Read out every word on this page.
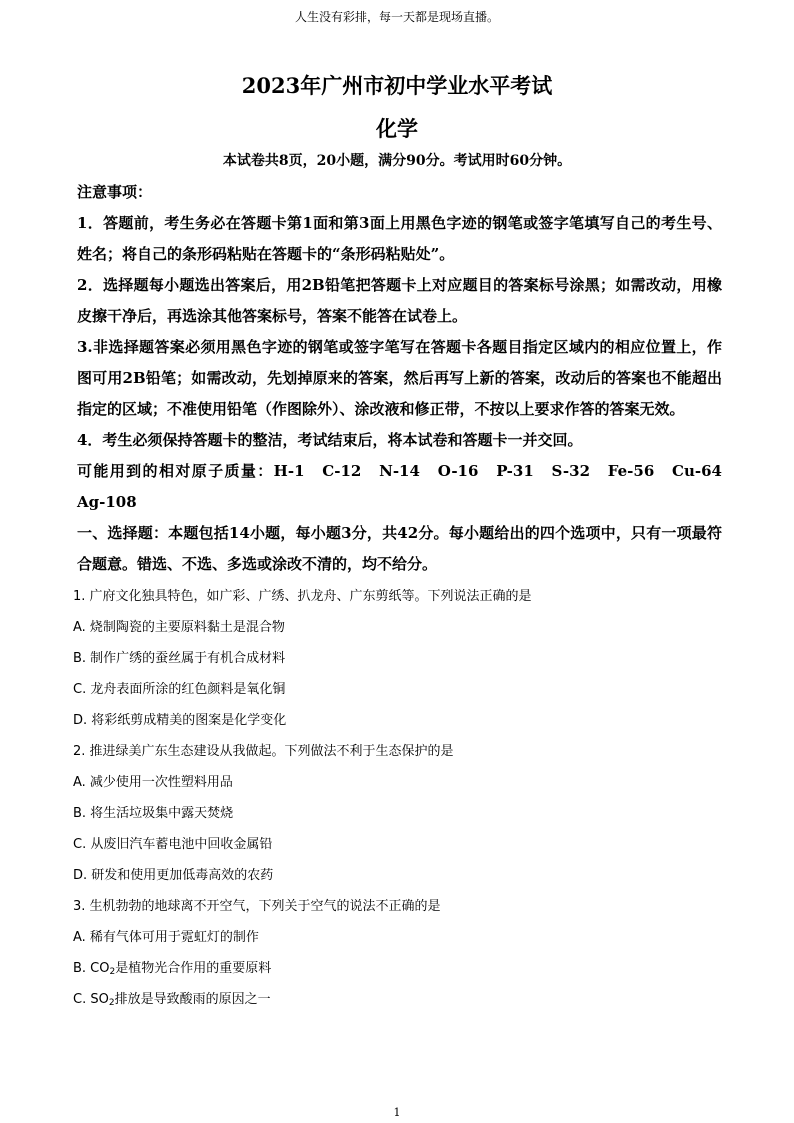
人生没有彩排，每一天都是现场直播。
2023年广州市初中学业水平考试
化学
本试卷共8页，20小题，满分90分。考试用时60分钟。

注意事项：

1．答题前，考生务必在答题卡第1面和第3面上用黑色字迹的钢笔或签字笔填写自己的考生号、姓名；将自己的条形码粘贴在答题卡的“条形码粘贴处”。

2．选择题每小题选出答案后，用2B铅笔把答题卡上对应题目的答案标号涂黑；如需改动，用橡皮擦干净后，再选涂其他答案标号，答案不能答在试卷上。

3.非选择题答案必须用黑色字迹的钢笔或签字笔写在答题卡各题目指定区域内的相应位置上，作图可用2B铅笔；如需改动，先划掉原来的答案，然后再写上新的答案，改动后的答案也不能超出指定的区域；不准使用铅笔（作图除外）、涂改液和修正带，不按以上要求作答的答案无效。

4．考生必须保持答题卡的整洁，考试结束后，将本试卷和答题卡一并交回。

可能用到的相对原子质量：H-1　C-12　N-14　O-16　P-31　S-32　Fe-56　Cu-64　Ag-108

一、选择题：本题包括14小题，每小题3分，共42分。每小题给出的四个选项中，只有一项最符合题意。错选、不选、多选或涂改不清的，均不给分。

1. 广府文化独具特色，如广彩、广绣、扒龙舟、广东剪纸等。下列说法正确的是
A. 烧制陶瓷的主要原料黏土是混合物
B. 制作广绣的蚕丝属于有机合成材料
C. 龙舟表面所涂的红色颜料是氧化铜
D. 将彩纸剪成精美的图案是化学变化
2. 推进绿美广东生态建设从我做起。下列做法不利于生态保护的是
A. 减少使用一次性塑料用品
B. 将生活垃圾集中露天焚烧
C. 从废旧汽车蓄电池中回收金属铅
D. 研发和使用更加低毒高效的农药
3. 生机勃勃的地球离不开空气，下列关于空气的说法不正确的是
A. 稀有气体可用于霓虹灯的制作
B. $CO_2$是植物光合作用的重要原料
C. $SO_2$排放是导致酸雨的原因之一
1
